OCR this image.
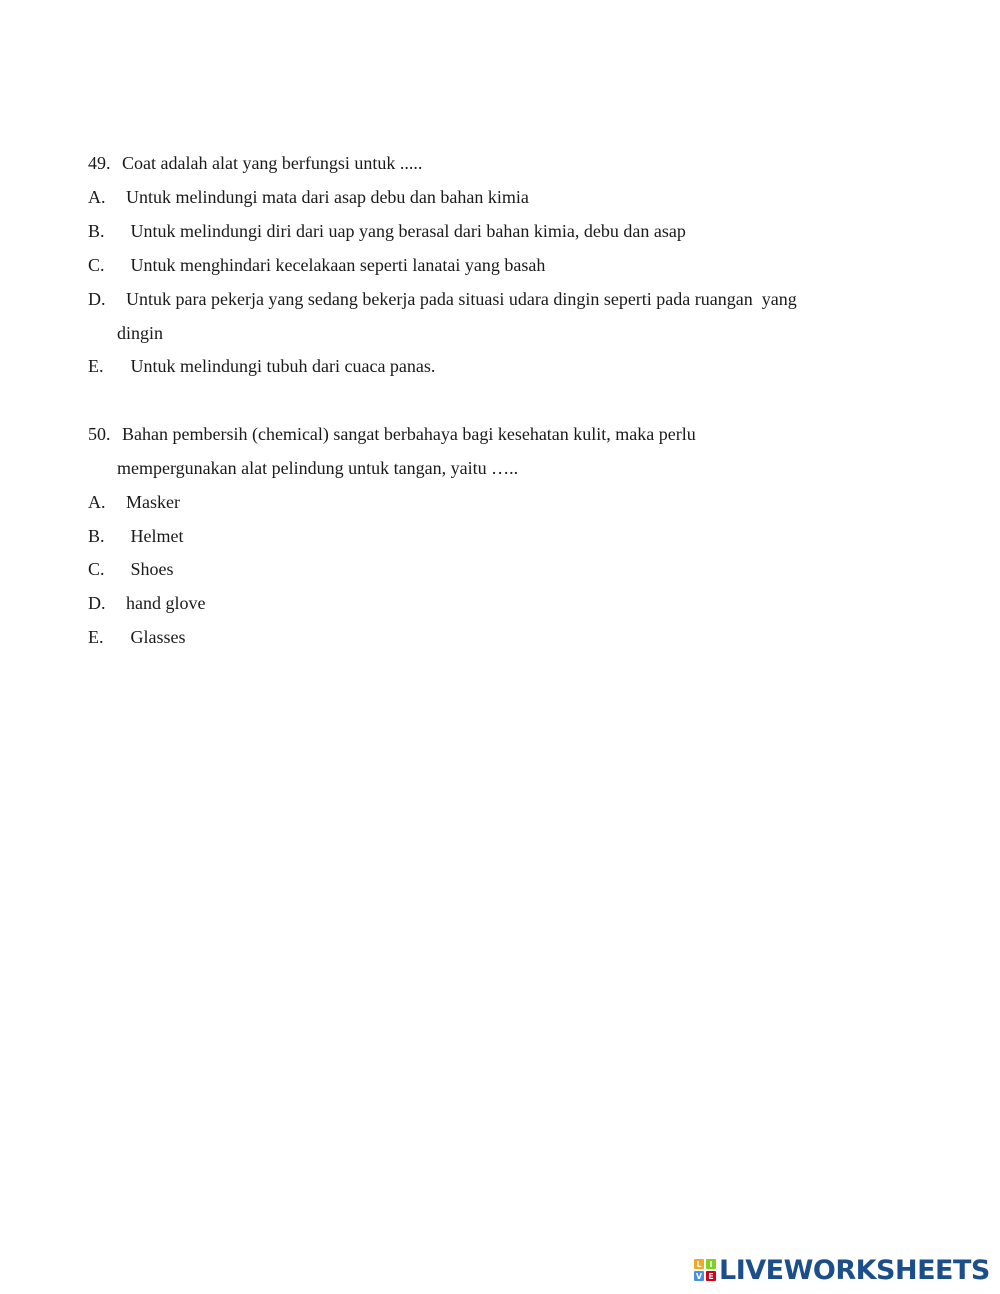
49. Coat adalah alat yang berfungsi untuk .....
A. Untuk melindungi mata dari asap debu dan bahan kimia
B. Untuk melindungi diri dari uap yang berasal dari bahan kimia, debu dan asap
C. Untuk menghindari kecelakaan seperti lanatai yang basah
D. Untuk para pekerja yang sedang bekerja pada situasi udara dingin seperti pada ruangan  yang
dingin
E. Untuk melindungi tubuh dari cuaca panas.
50. Bahan pembersih (chemical) sangat berbahaya bagi kesehatan kulit, maka perlu
mempergunakan alat pelindung untuk tangan, yaitu …..
A. Masker
B. Helmet
C. Shoes
D. hand glove
E. Glasses
L I
V E LIVEWORKSHEETS
